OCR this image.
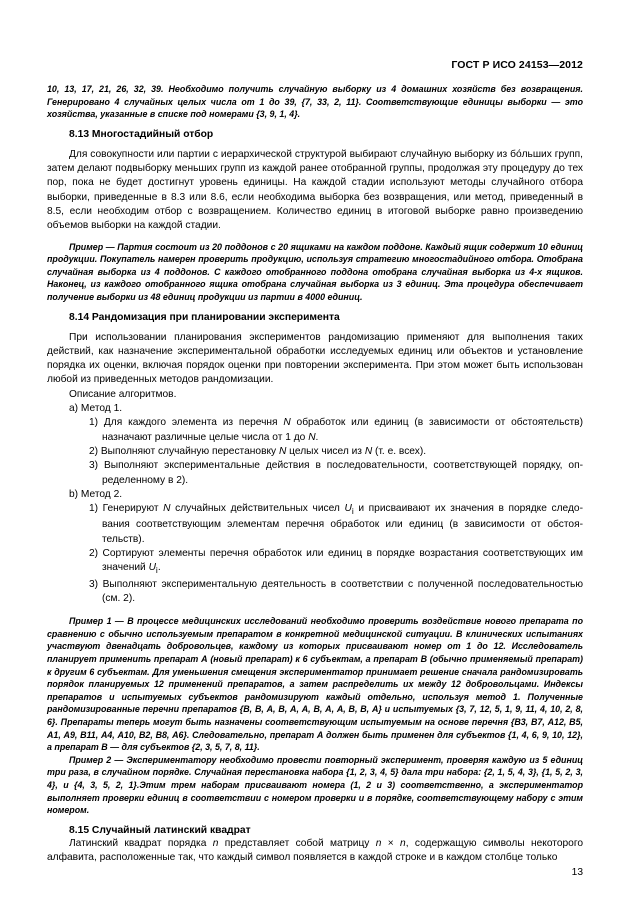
ГОСТ Р ИСО 24153—2012

10, 13, 17, 21, 26, 32, 39. Необходимо получить случайную выборку из 4 домашних хозяйств без возвращения. Генерировано 4 случайных целых числа от 1 до 39, {7, 33, 2, 11}. Соответствующие единицы выборки — это хозяйства, указанные в списке под номерами {3, 9, 1, 4}.

8.13 Многостадийный отбор

Для совокупности или партии с иерархической структурой выбирают случайную выборку из бо́льших групп, затем делают подвыборку меньших групп из каждой ранее отобранной группы, продолжая эту процедуру до тех пор, пока не будет достигнут уровень единицы. На каждой стадии используют методы случайного отбора выборки, приведенные в 8.3 или 8.6, если необходима выборка без возвращения, или метод, приведенный в 8.5, если необходим отбор с возвращением. Количество единиц в итоговой выборке равно произведению объемов выборки на каждой стадии.

Пример — Партия состоит из 20 поддонов с 20 ящиками на каждом поддоне. Каждый ящик содержит 10 единиц продукции. Покупатель намерен проверить продукцию, используя стратегию многостадийного отбора. Отобрана случайная выборка из 4 поддонов. С каждого отобранного поддона отобрана случайная выборка из 4-х ящиков. Наконец, из каждого отобранного ящика отобрана случайная выборка из 3 единиц. Эта процедура обеспечивает получение выборки из 48 единиц продукции из партии в 4000 единиц.

8.14 Рандомизация при планировании эксперимента

При использовании планирования экспериментов рандомизацию применяют для выполнения таких действий, как назначение экспериментальной обработки исследуемых единиц или объектов и установление порядка их оценки, включая порядок оценки при повторении эксперимента. При этом может быть использован любой из приведенных методов рандомизации.

Описание алгоритмов.

а) Метод 1.

1) Для каждого элемента из перечня N обработок или единиц (в зависимости от обстоятельств) назначают различные целые числа от 1 до N.

2) Выполняют случайную перестановку N целых чисел из N (т. е. всех).

3) Выполняют экспериментальные действия в последовательности, соответствующей порядку, определенному в 2).

b) Метод 2.

1) Генерируют N случайных действительных чисел $U_i$ и присваивают их значения в порядке следования соответствующим элементам перечня обработок или единиц (в зависимости от обстоятельств).

2) Сортируют элементы перечня обработок или единиц в порядке возрастания соответствующих им значений $U_i$.

3) Выполняют экспериментальную деятельность в соответствии с полученной последовательностью (см. 2).

Пример 1 — В процессе медицинских исследований необходимо проверить воздействие нового препарата по сравнению с обычно используемым препаратом в конкретной медицинской ситуации. В клинических испытаниях участвуют двенадцать добровольцев, каждому из которых присваивают номер от 1 до 12. Исследователь планирует применить препарат А (новый препарат) к 6 субъектам, а препарат В (обычно применяемый препарат) к другим 6 субъектам. Для уменьшения смещения экспериментатор принимает решение сначала рандомизировать порядок планируемых 12 применений препаратов, а затем распределить их между 12 добровольцами. Индексы препаратов и испытуемых субъектов рандомизируют каждый отдельно, используя метод 1. Полученные рандомизированные перечни препаратов {В, В, А, В, А, А, В, А, А, В, В, А} и испытуемых {3, 7, 12, 5, 1, 9, 11, 4, 10, 2, 8, 6}. Препараты теперь могут быть назначены соответствующим испытуемым на основе перечня {В3, В7, А12, В5, А1, А9, В11, А4, А10, В2, В8, А6}. Следовательно, препарат А должен быть применен для субъектов {1, 4, 6, 9, 10, 12}, а препарат В — для субъектов {2, 3, 5, 7, 8, 11}.

Пример 2 — Экспериментатору необходимо провести повторный эксперимент, проверяя каждую из 5 единиц три раза, в случайном порядке. Случайная перестановка набора {1, 2, 3, 4, 5} дала три набора: {2, 1, 5, 4, 3}, {1, 5, 2, 3, 4}, и {4, 3, 5, 2, 1}.Этим трем наборам присваивают номера (1, 2 и 3) соответственно, а экспериментатор выполняет проверки единиц в соответствии с номером проверки и в порядке, соответствующему набору с этим номером.

8.15 Случайный латинский квадрат

Латинский квадрат порядка n представляет собой матрицу n × n, содержащую символы некоторого алфавита, расположенные так, что каждый символ появляется в каждой строке и в каждом столбце только

13
